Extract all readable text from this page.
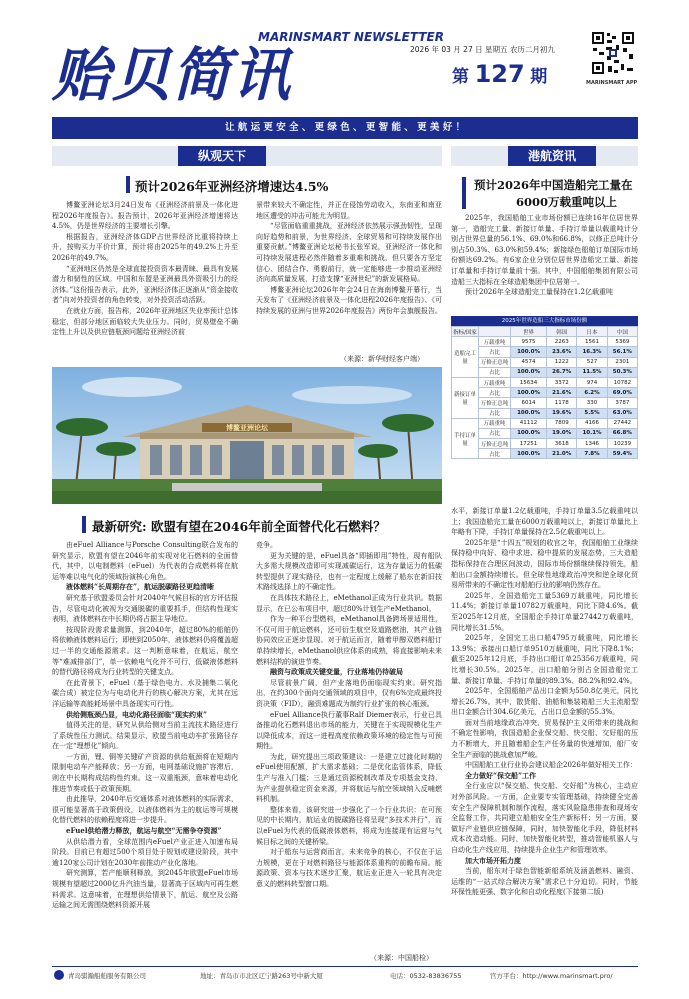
贻贝简讯
MARINSMART NEWSLETTER
2026 年 03 月 27 日 星期五 农历二月初九
第 127 期	MARINSMART APP
让 航 运 更 安 全 、 更 绿 色 、 更 智 能 、 更 美 好 ！
纵观天下	港航资讯
预计2026年亚洲经济增速达4.5%

博鳌亚洲论坛3月24日发布《亚洲经济前景及一体化进程2026年度报告》。报告预计，2026年亚洲经济增速将达4.5%，仍是世界经济的主要增长引擎。

根据报告，亚洲经济体GDP占世界经济比重将持续上升，按购买力平价计算，预计将由2025年的49.2%上升至2026年的49.7%。

“亚洲地区仍然是全球直接投资资本最青睐、最具有发展潜力和韧性的区域。中国和东盟是亚洲最具外资吸引力的经济体。”这份报告表示，此外，亚洲经济体正逐渐从“资金接收者”向对外投资者的角色转变，对外投资活动活跃。

在就业方面，报告称，2026年亚洲地区失业率预计总体稳定，但部分地区面临较大失业压力。同时，贸易壁垒不确定性上升以及供应链瓶颈问题给亚洲经济前

景带来较大不确定性，并正在侵蚀劳动收入，东南亚和南亚地区遭受的冲击可能尤为明显。

“尽管面临重重挑战，亚洲经济依然展示强劲韧性，呈现向好趋势和前景，为世界经济、全球贸易和可持续发展作出重要贡献。”博鳌亚洲论坛秘书长张军说，亚洲经济一体化和可持续发展进程必然伴随着多重难和挑战，但只要各方坚定信心、团结合作、勇毅前行，就一定能够进一步推动亚洲经济向高质量发展，打造支撑“亚洲世纪”的新发展格局。

博鳌亚洲论坛2026年年会24日在海南博鳌开幕行，当天发布了《亚洲经济前景及一体化进程2026年度报告》、《可持续发展的亚洲与世界2026年度报告》两份年会旗舰报告。

（来源：新华财经客户端）
博鳌亚洲论坛
最新研究: 欧盟有望在2046年前全面替代化石燃料？

由eFuel Alliance与Porsche Consulting联合发布的研究显示，欧盟有望在2046年前实现对化石燃料的全面替代，其中，以电制燃料（eFuel）为代表的合成燃料将在航运等难以电气化的领域扮演核心角色。

液体燃料“长周期存在”，航运脱碳路径更趋清晰

研究基于欧盟委员会针对2040年气候目标的官方评估报告，尽管电动化被视为交通脱碳的重要抓手，但结构性现实表明，液体燃料在中长期仍将占据主导地位。

按现阶段需求量测算，到2040年，超过80%的船舶仍将依赖液体燃料运行；即使到2050年，液体燃料仍将覆盖超过一半的交通能源需求。这一判断意味着，在航运、航空等“难减排部门”，单一依赖电气化并不可行，低碳液体燃料的替代路径将成为行业转型的关键支点。

在此背景下，eFuel（基于绿色电力、水及捕集二氧化碳合成）被定位为与电动化并行的核心解决方案，尤其在远洋运输等高能耗场景中具备现实可行性。

供给侧瓶颈凸显，电动化路径面临“现实约束”

值得关注的是，研究从供给侧对当前主流技术路径进行了系统性压力测试。结果显示，欧盟当前电动车扩张路径存在一定“理想化”倾向。

一方面，锂、铜等关键矿产资源的供给瓶颈将在短期内限制电动车产能释放；另一方面，电网基础设施扩容滞后，则在中长期构成结构性约束。这一双重瓶颈，意味着电动化推进节奏或低于政策预期。

由此推导，2040年后交通体系对液体燃料的实际需求，很可能显著高于政策假设，以液体燃料为主的航运等可规模化替代燃料的依赖程度将进一步提升。

eFuel供给潜力释放，航运与航空“无需争夺资源”

从供给潜力看，全球范围内eFuel产业正进入加速布局阶段。目前已有超过500个项目处于规划或建设阶段，其中逾120家公司计划在2030年前推动产业化落地。

研究测算，若产能顺利释放，到2045年欧盟eFuel市场规模有望超过2000亿升汽油当量，显著高于区域内可再生燃料需求。这意味着，在理想供给情景下，航运、航空及公路运输之间无需围绕燃料资源开展

竞争。

更为关键的是，eFuel具备“即插即用”特性，现有船队大多需大规模改造即可实现减碳运行，这为存量运力的低碳转型提供了现实路径，也有一定程度上缓解了船东在新旧技术路线选择上的不确定性。

在具体技术路径上，eMethanol正成为行业共识。数据显示，在已公布项目中，超过80%计划生产eMethanol。

作为一种平台型燃料，eMethanol具备跨场景适用性，不仅可用于航运燃料，还可衍生航空及道路燃油，其产业链协同效应正逐步显现。对于航运而言，随着甲醇双燃料船订单持续增长，eMethanol供应体系的成熟，将直接影响未来燃料结构的演进节奏。

融资与政策成关键变量，行业落地仍待破局

尽管前景广阔，但产业落地仍面临现实约束。研究指出，在约300个面向交通领域的项目中，仅有6%完成最终投资决策（FID），融资难题成为制约行业扩张的核心瓶颈。

eFuel Alliance执行董事Ralf Diemer表示，行业已具备推动化石燃料退出市场的能力，关键在于实现规模化生产以降低成本，而这一进程高度依赖政策环境的稳定性与可预期性。

为此，研究提出三项政策建议：一是建立过渡化时期的eFuel使用配额，扩大需求基础；二是优化监管体系，降低生产与准入门槛；三是通过资源税制改革及专项基金支持，为产业提供稳定资金来源，并将航运与航空领域纳入反哺燃料机制。

整体来看，该研究进一步强化了一个行业共识：在可预见的中长期内，航运业的脱碳路径将呈现“多技术并行”，而以eFuel为代表的低碳液体燃料，将成为连接现有运营与气候目标之间的关键桥梁。

对于船东与运营商而言，未来竞争的核心，不仅在于运力规模，更在于对燃料路径与能源体系重构的前瞻布局。能源政策、资本与技术逐步汇聚，航运业正进入一轮具有决定意义的燃料转型窗口期。

（来源：中国船检）
预计2026年中国造船完工量在
6000万载重吨以上

2025年，我国船舶工业市场份额已连续16年位居世界第一，造船完工量、新接订单量、手持订单量以载重吨计分别占世界总量的56.1%、69.0%和66.8%，以修正总吨计分别占50.3%、63.0%和59.4%；新接绿色船舶订单国际市场份额达69.2%。有6家企业分别位居世界造船完工量、新接订单量和手持订单量前十强。其中，中国船舶集团有限公司造船三大指标在全球造船集团中位居第一。

预计2026年全球造船完工量保持在1.2亿载重吨

2025年世界造船三大指标市场份额
指标/国家		世界	韩国	日本	中国
造船完工量	万载重吨	9575	2263	1561	5369
	占比	100.0%	23.6%	16.3%	56.1%
	万修正总吨	4574	1222	527	2301
	占比	100.0%	26.7%	11.5%	50.3%
新接订单量	万载重吨	15634	3372	974	10782
	占比	100.0%	21.6%	6.2%	69.0%
	万修正总吨	6014	1178	330	3787
	占比	100.0%	19.6%	5.5%	63.0%
手持订单量	万载重吨	41112	7809	4166	27442
	占比	100.0%	19.0%	10.1%	66.8%
	万修正总吨	17251	3618	1346	10239
	占比	100.0%	21.0%	7.8%	59.4%

水平，新接订单量1.2亿载重吨，手持订单量3.5亿载重吨以上；我国造船完工量在6000万载重吨以上，新接订单量比上年略有下降，手持订单量保持在2.5亿载重吨以上。

2025年是“十四五”规划的收官之年，我国船舶工业继续保持稳中向好、稳中求进、稳中提质的发展态势，三大造船指标保持在合理区间波动，国际市场份额继续保持领先，船舶出口金额持续增长。但全球性地缘政治冲突和逆全球化贸易所带来的不确定性对船舶行业的影响仍然存在。

2025年，全国造船完工量5369万载重吨，同比增长11.4%；新接订单量10782万载重吨，同比下降4.6%。截至2025年12月底，全国船企手持订单量27442万载重吨，同比增长31.5%。

2025年，全国完工出口船4795万载重吨，同比增长13.9%；承接出口船订单9510万载重吨，同比下降8.1%；截至2025年12月底，手持出口船订单25356万载重吨，同比增长30.5%。2025年，出口船舶分别占全国造船完工量、新接订单量、手持订单量的89.3%、88.2%和92.4%。

2025年，全国船舶产品出口金额为550.8亿美元，同比增长26.7%。其中，散货船、油船和集装箱船三大主流船型出口金额合计304.6亿美元，占出口总金额的55.3%。

面对当前地缘政治冲突、贸易保护主义所带来的挑战和不确定性影响，我国造船企业保交船、快交船、交好船的压力不断增大，并且随着船企生产任务量的快速增加，船厂安全生产面临的挑战愈加严峻。

中国船舶工业行业协会建议船企2026年做好相关工作：

全力做好“保交船”工作

全行业应以“保交船、快交船、交好船”为核心，主动应对外部风险。一方面，企业要专实管理基础，持续健全完善安全生产保障机制和制作流程，落实风险隐患排查和现场安全监督工作，共同建立船舶安全生产新标杆；另一方面，要做好产业链供应链保障，同时，加快智能化手段，降低材料成本改造动能。同时，加快智能化转型，推动智能机器人与自动化生产线应用，持续提升企业生产和管理效率。

加大市场开拓力度

当前，船东对于绿色智能新船系统及涵盖燃料、融资、运维的“一站式综合解决方案”需求已十分迫切。同时，节能环保性能更强、数字化和自动化程度(下接第二版)

青岛骐瀚船舶服务有限公司	地址：青岛市市北区辽宁路263号中新大厦	电话：0532-83836755	官方平台：http://www.marinsmart.pro/
